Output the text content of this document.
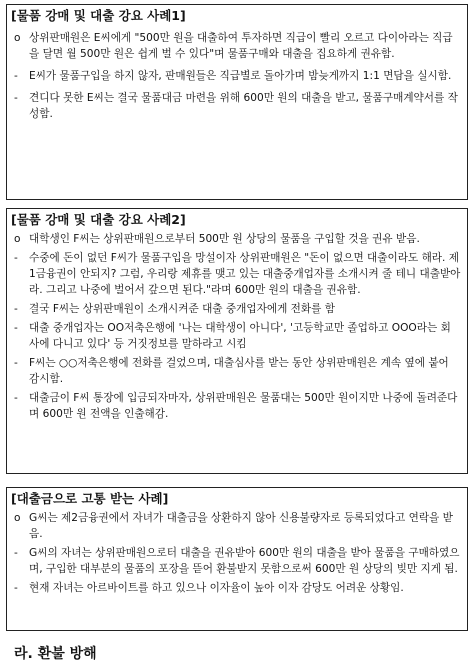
[물품 강매 및 대출 강요 사례1]

o 상위판매원은 E씨에게 "500만 원을 대출하여 투자하면 직급이 빨리 오르고 다이아라는 직급을 달면 월 500만 원은 쉽게 벌 수 있다"며 물품구매와 대출을 집요하게 권유함.

- E씨가 물품구입을 하지 않자, 판매원들은 직급별로 돌아가며 밤늦게까지 1:1 면담을 실시함.

- 견디다 못한 E씨는 결국 물품대금 마련을 위해 600만 원의 대출을 받고, 물품구매계약서를 작성함.

[물품 강매 및 대출 강요 사례2]

o 대학생인 F씨는 상위판매원으로부터 500만 원 상당의 물품을 구입할 것을 권유 받음.

- 수중에 돈이 없던 F씨가 물품구입을 망설이자 상위판매원은 "돈이 없으면 대출이라도 해라. 제1금융권이 안되지? 그럼, 우리랑 제휴를 맺고 있는 대출중개업자를 소개시켜 줄 테니 대출받아라. 그리고 나중에 벌어서 갚으면 된다."라며 600만 원의 대출을 권유함.

- 결국 F씨는 상위판매원이 소개시켜준 대출 중개업자에게 전화를 함

- 대출 중개업자는 OO저축은행에 '나는 대학생이 아니다', '고등학교만 졸업하고 OOO라는 회사에 다니고 있다' 등 거짓정보를 말하라고 시킴

- F씨는 ○○저축은행에 전화를 걸었으며, 대출심사를 받는 동안 상위판매원은 계속 옆에 붙어 감시함.

- 대출금이 F씨 통장에 입금되자마자, 상위판매원은 물품대는 500만 원이지만 나중에 돌려준다며 600만 원 전액을 인출해감.

[대출금으로 고통 받는 사례]

o G씨는 제2금융권에서 자녀가 대출금을 상환하지 않아 신용불량자로 등록되었다고 연락을 받음.

- G씨의 자녀는 상위판매원으로터 대출을 권유받아 600만 원의 대출을 받아 물품을 구매하였으며, 구입한 대부분의 물품의 포장을 뜯어 환불받지 못함으로써 600만 원 상당의 빚만 지게 됨.

- 현재 자녀는 아르바이트를 하고 있으나 이자율이 높아 이자 감당도 어려운 상황임.

라. 환불 방해
